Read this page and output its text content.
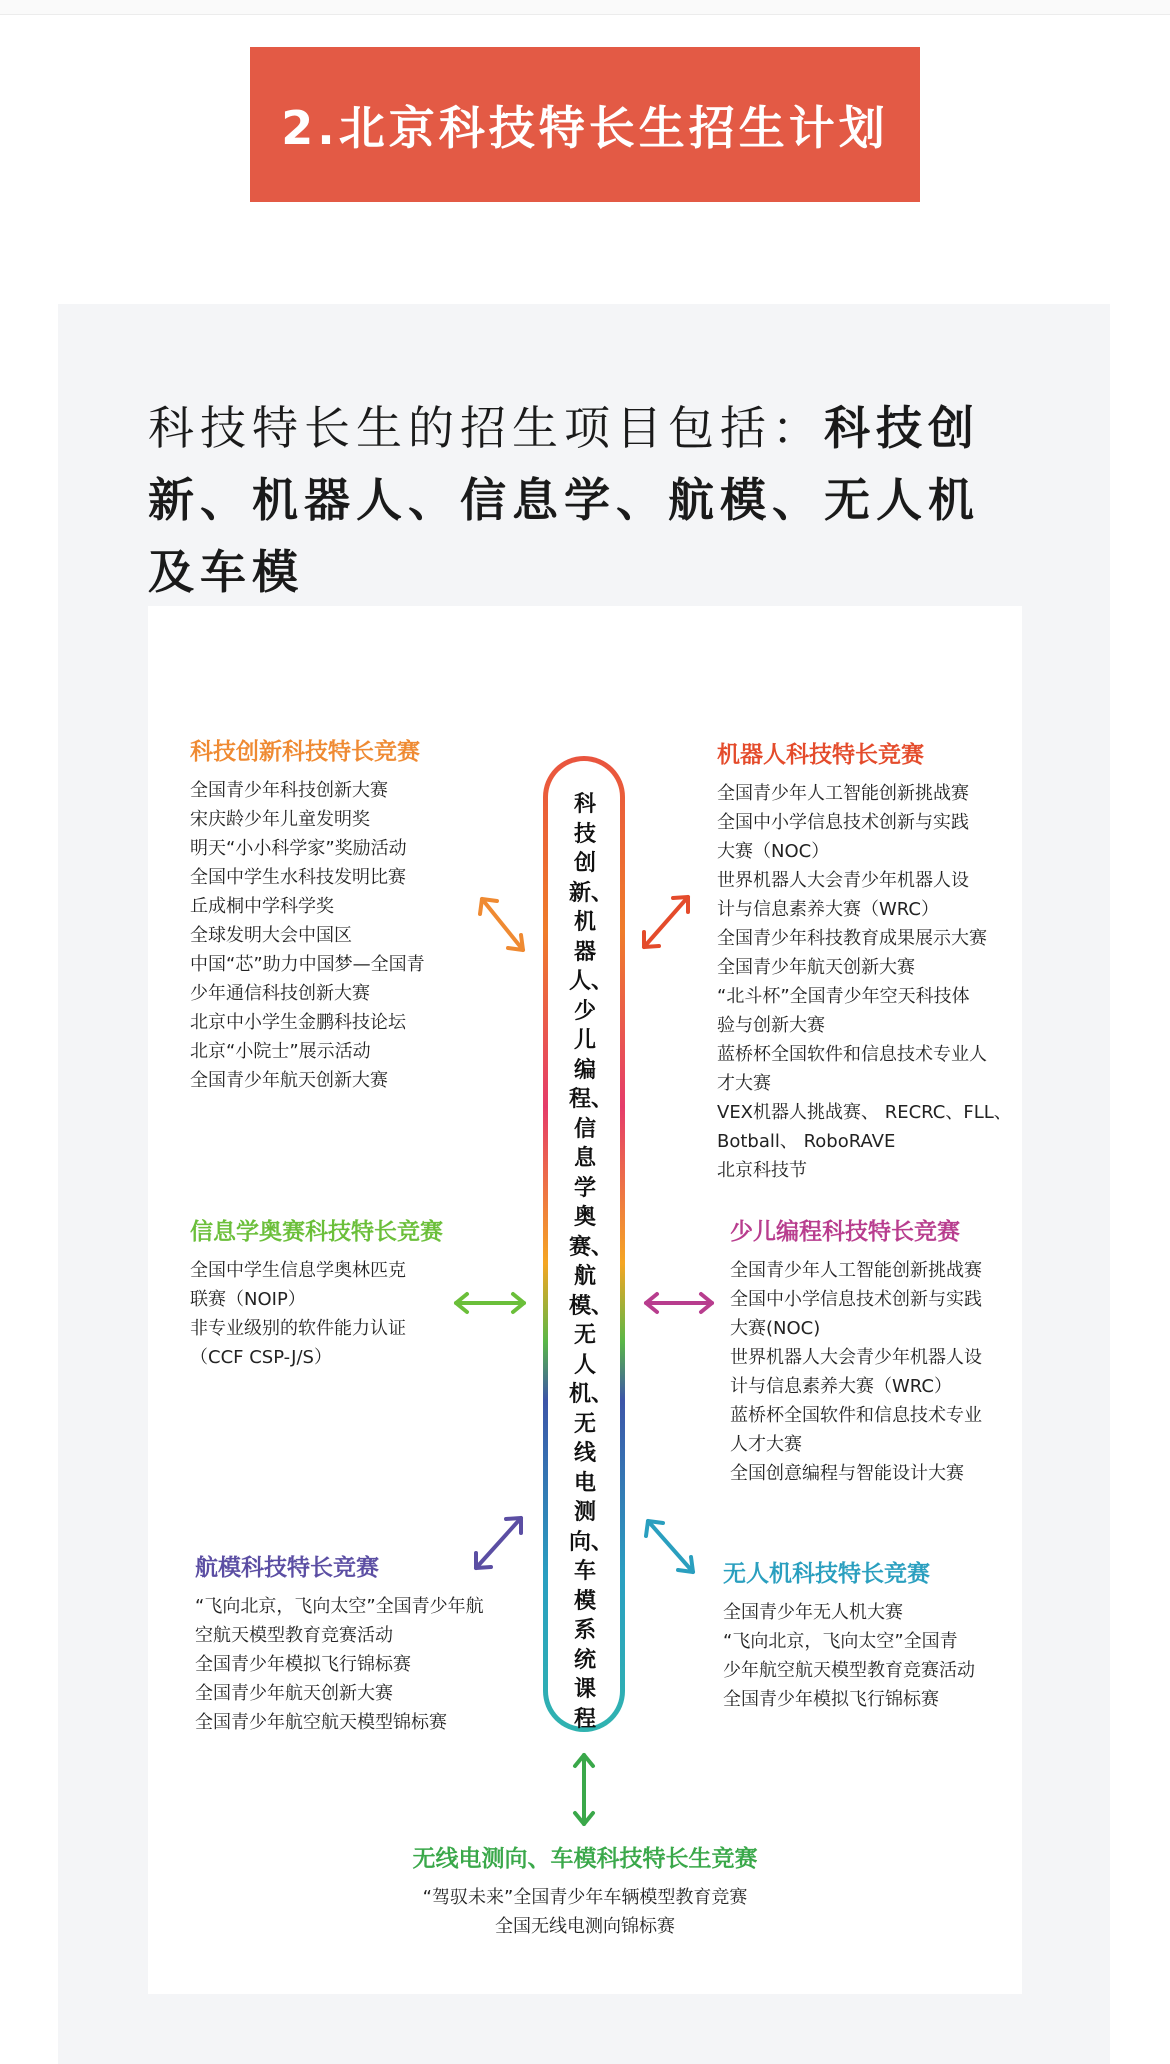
2.北京科技特长生招生计划
科技特长生的招生项目包括：科技创新、机器人、信息学、航模、无人机及车模
科技创新、机器人、少儿编程、信息学奥赛、航模、无人机、无线电测向、车模系统课程
科技创新科技特长竞赛
全国青少年科技创新大赛
宋庆龄少年儿童发明奖
明天“小小科学家”奖励活动
全国中学生水科技发明比赛
丘成桐中学科学奖
全球发明大会中国区
中国“芯”助力中国梦—全国青
少年通信科技创新大赛
北京中小学生金鹏科技论坛
北京“小院士”展示活动
全国青少年航天创新大赛
机器人科技特长竞赛
全国青少年人工智能创新挑战赛
全国中小学信息技术创新与实践
大赛（NOC）
世界机器人大会青少年机器人设
计与信息素养大赛（WRC）
全国青少年科技教育成果展示大赛
全国青少年航天创新大赛
“北斗杯”全国青少年空天科技体
验与创新大赛
蓝桥杯全国软件和信息技术专业人
才大赛
VEX机器人挑战赛、 RECRC、FLL、
Botball、 RoboRAVE
北京科技节
信息学奥赛科技特长竞赛
全国中学生信息学奥林匹克
联赛（NOIP）
非专业级别的软件能力认证
（CCF CSP-J/S）
少儿编程科技特长竞赛
全国青少年人工智能创新挑战赛
全国中小学信息技术创新与实践
大赛(NOC)
世界机器人大会青少年机器人设
计与信息素养大赛（WRC）
蓝桥杯全国软件和信息技术专业
人才大赛
全国创意编程与智能设计大赛
航模科技特长竞赛
“飞向北京，飞向太空”全国青少年航
空航天模型教育竞赛活动
全国青少年模拟飞行锦标赛
全国青少年航天创新大赛
全国青少年航空航天模型锦标赛
无人机科技特长竞赛
全国青少年无人机大赛
“飞向北京，飞向太空”全国青
少年航空航天模型教育竞赛活动
全国青少年模拟飞行锦标赛
无线电测向、车模科技特长生竞赛
“驾驭未来”全国青少年车辆模型教育竞赛
全国无线电测向锦标赛
